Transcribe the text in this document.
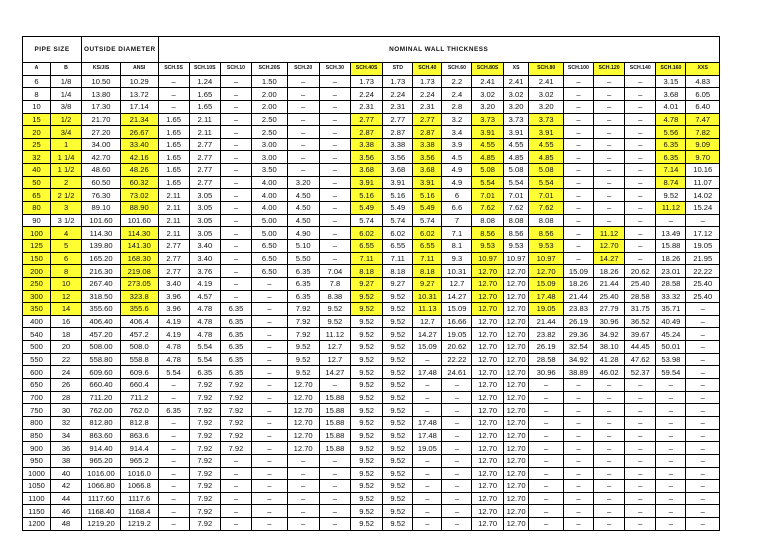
PIPE SIZE		OUTSIDE DIAMETER		NOMINAL WALL THICKNESS																	
A	B	KS/JIS	ANSI	SCH.5S	SCH.10S	SCH.10	SCH.20S	SCH.20	SCH.30	SCH.40S	STD	SCH.40	SCH.60	SCH.80S	XS	SCH.80	SCH.100	SCH.120	SCH.140	SCH.160	XXS
6	1/8	10.50	10.29	–	1.24	–	1.50	–	–	1.73	1.73	1.73	2.2	2.41	2.41	2.41	–	–	–	3.15	4.83
8	1/4	13.80	13.72	–	1.65	–	2.00	–	–	2.24	2.24	2.24	2.4	3.02	3.02	3.02	–	–	–	3.68	6.05
10	3/8	17.30	17.14	–	1.65	–	2.00	–	–	2.31	2.31	2.31	2.8	3.20	3.20	3.20	–	–	–	4.01	6.40
15	1/2	21.70	21.34	1.65	2.11	–	2.50	–	–	2.77	2.77	2.77	3.2	3.73	3.73	3.73	–	–	–	4.78	7.47
20	3/4	27.20	26.67	1.65	2.11	–	2.50	–	–	2.87	2.87	2.87	3.4	3.91	3.91	3.91	–	–	–	5.56	7.82
25	1	34.00	33.40	1.65	2.77	–	3.00	–	–	3.38	3.38	3.38	3.9	4.55	4.55	4.55	–	–	–	6.35	9.09
32	1 1/4	42.70	42.16	1.65	2.77	–	3.00	–	–	3.56	3.56	3.56	4.5	4.85	4.85	4.85	–	–	–	6.35	9.70
40	1 1/2	48.60	48.26	1.65	2.77	–	3.50	–	–	3.68	3.68	3.68	4.9	5.08	5.08	5.08	–	–	–	7.14	10.16
50	2	60.50	60.32	1.65	2.77	–	4.00	3.20	–	3.91	3.91	3.91	4.9	5.54	5.54	5.54	–	–	–	8.74	11.07
65	2 1/2	76.30	73.02	2.11	3.05	–	4.00	4.50	–	5.16	5.16	5.16	6	7.01	7.01	7.01	–	–	–	9.52	14.02
80	3	89.10	88.90	2.11	3.05	–	4.00	4.50	–	5.49	5.49	5.49	6.6	7.62	7.62	7.62	–	–	–	11.12	15.24
90	3 1/2	101.60	101.60	2.11	3.05	–	5.00	4.50	–	5.74	5.74	5.74	7	8.08	8.08	8.08	–	–	–	–	–
100	4	114.30	114.30	2.11	3.05	–	5.00	4.90	–	6.02	6.02	6.02	7.1	8.56	8.56	8.56	–	11.12	–	13.49	17.12
125	5	139.80	141.30	2.77	3.40	–	6.50	5.10	–	6.55	6.55	6.55	8.1	9.53	9.53	9.53	–	12.70	–	15.88	19.05
150	6	165.20	168.30	2.77	3.40	–	6.50	5.50	–	7.11	7.11	7.11	9.3	10.97	10.97	10.97	–	14.27	–	18.26	21.95
200	8	216.30	219.08	2.77	3.76	–	6.50	6.35	7.04	8.18	8.18	8.18	10.31	12.70	12.70	12.70	15.09	18.26	20.62	23.01	22.22
250	10	267.40	273.05	3.40	4.19	–	–	6.35	7.8	9.27	9.27	9.27	12.7	12.70	12.70	15.09	18.26	21.44	25.40	28.58	25.40
300	12	318.50	323.8	3.96	4.57	–	–	6.35	8.38	9.52	9.52	10.31	14.27	12.70	12.70	17.48	21.44	25.40	28.58	33.32	25.40
350	14	355.60	355.6	3.96	4.78	6.35	–	7.92	9.52	9.52	9.52	11.13	15.09	12.70	12.70	19.05	23.83	27.79	31.75	35.71	–
400	16	406.40	406.4	4.19	4.78	6.35	–	7.92	9.52	9.52	9.52	12.7	16.66	12.70	12.70	21.44	26.19	30.96	36.52	40.49	–
540	18	457.20	457.2	4.19	4.78	6.35	–	7.92	11.12	9.52	9.52	14.27	19.05	12.70	12.70	23.82	29.36	34.92	39.67	45.24	–
500	20	508.00	508.0	4.78	5.54	6.35	–	9.52	12.7	9.52	9.52	15.09	20.62	12.70	12.70	26.19	32.54	38.10	44.45	50.01	–
550	22	558.80	558.8	4.78	5.54	6.35	–	9.52	12.7	9.52	9.52	–	22.22	12.70	12.70	28.58	34.92	41.28	47.62	53.98	–
600	24	609.60	609.6	5.54	6.35	6.35	–	9.52	14.27	9.52	9.52	17.48	24.61	12.70	12.70	30.96	38.89	46.02	52.37	59.54	–
650	26	660.40	660.4	–	7.92	7.92	–	12.70	–	9.52	9.52	–	–	12.70	12.70	–	–	–	–	–	–
700	28	711.20	711.2	–	7.92	7.92	–	12.70	15.88	9.52	9.52	–	–	12.70	12.70	–	–	–	–	–	–
750	30	762.00	762.0	6.35	7.92	7.92	–	12.70	15.88	9.52	9.52	–	–	12.70	12.70	–	–	–	–	–	–
800	32	812.80	812.8	–	7.92	7.92	–	12.70	15.88	9.52	9.52	17.48	–	12.70	12.70	–	–	–	–	–	–
850	34	863.60	863.6	–	7.92	7.92	–	12.70	15.88	9.52	9.52	17.48	–	12.70	12.70	–	–	–	–	–	–
900	36	914.40	914.4	–	7.92	7.92	–	12.70	15.88	9.52	9.52	19.05	–	12.70	12.70	–	–	–	–	–	–
950	38	965.20	965.2	–	7.92	–	–	–	–	9.52	9.52	–	–	12.70	12.70	–	–	–	–	–	–
1000	40	1016.00	1016.0	–	7.92	–	–	–	–	9.52	9.52	–	–	12.70	12.70	–	–	–	–	–	–
1050	42	1066.80	1066.8	–	7.92	–	–	–	–	9.52	9.52	–	–	12.70	12.70	–	–	–	–	–	–
1100	44	1117.60	1117.6	–	7.92	–	–	–	–	9.52	9.52	–	–	12.70	12.70	–	–	–	–	–	–
1150	46	1168.40	1168.4	–	7.92	–	–	–	–	9.52	9.52	–	–	12.70	12.70	–	–	–	–	–	–
1200	48	1219.20	1219.2	–	7.92	–	–	–	–	9.52	9.52	–	–	12.70	12.70	–	–	–	–	–	–
